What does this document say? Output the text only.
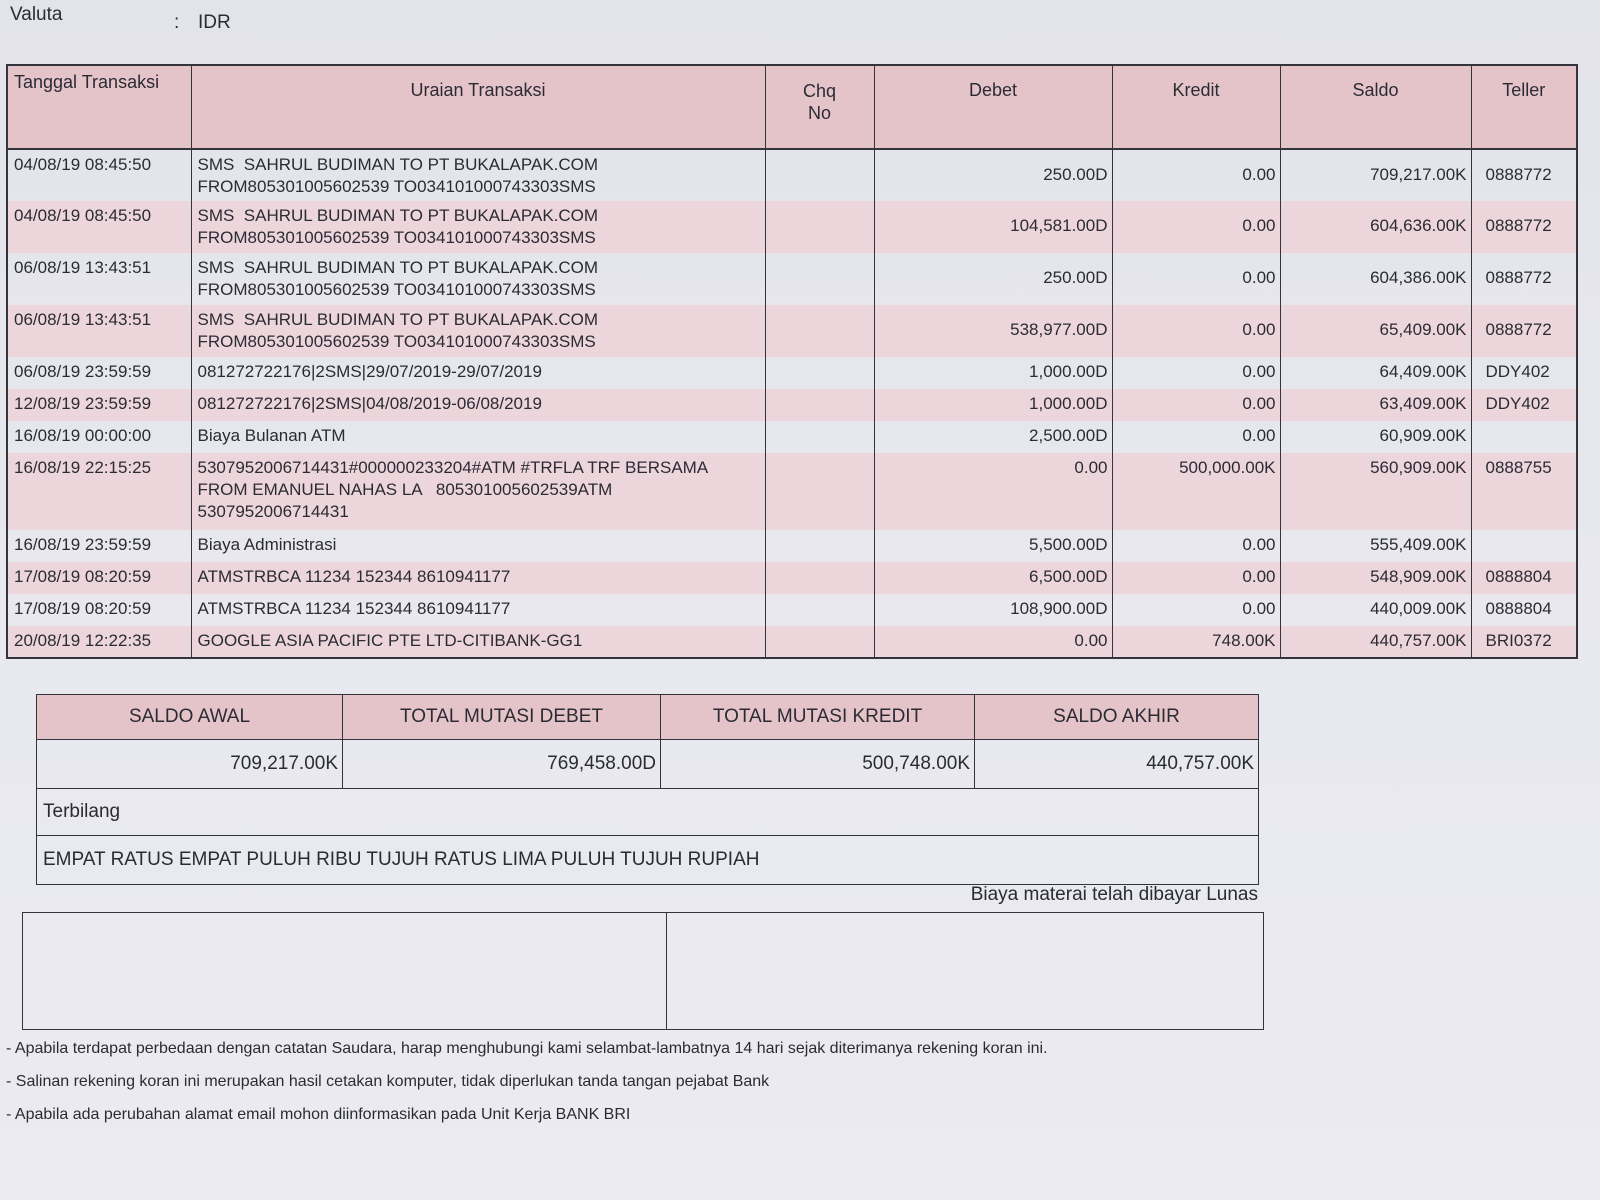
Valuta	: IDR
Tanggal Transaksi	Uraian Transaksi	Chq
No	Debet	Kredit	Saldo	Teller
04/08/19 08:45:50	SMS  SAHRUL BUDIMAN TO PT BUKALAPAK.COM
FROM805301005602539 TO034101000743303SMS		250.00D	0.00	709,217.00K	0888772
04/08/19 08:45:50	SMS  SAHRUL BUDIMAN TO PT BUKALAPAK.COM
FROM805301005602539 TO034101000743303SMS		104,581.00D	0.00	604,636.00K	0888772
06/08/19 13:43:51	SMS  SAHRUL BUDIMAN TO PT BUKALAPAK.COM
FROM805301005602539 TO034101000743303SMS		250.00D	0.00	604,386.00K	0888772
06/08/19 13:43:51	SMS  SAHRUL BUDIMAN TO PT BUKALAPAK.COM
FROM805301005602539 TO034101000743303SMS		538,977.00D	0.00	65,409.00K	0888772
06/08/19 23:59:59	081272722176|2SMS|29/07/2019-29/07/2019		1,000.00D	0.00	64,409.00K	DDY402
12/08/19 23:59:59	081272722176|2SMS|04/08/2019-06/08/2019		1,000.00D	0.00	63,409.00K	DDY402
16/08/19 00:00:00	Biaya Bulanan ATM		2,500.00D	0.00	60,909.00K	
16/08/19 22:15:25	5307952006714431#000000233204#ATM #TRFLA TRF BERSAMA
FROM EMANUEL NAHAS LA   805301005602539ATM
5307952006714431		0.00	500,000.00K	560,909.00K	0888755
16/08/19 23:59:59	Biaya Administrasi		5,500.00D	0.00	555,409.00K	
17/08/19 08:20:59	ATMSTRBCA 11234 152344 8610941177		6,500.00D	0.00	548,909.00K	0888804
17/08/19 08:20:59	ATMSTRBCA 11234 152344 8610941177		108,900.00D	0.00	440,009.00K	0888804
20/08/19 12:22:35	GOOGLE ASIA PACIFIC PTE LTD-CITIBANK-GG1		0.00	748.00K	440,757.00K	BRI0372
SALDO AWAL	TOTAL MUTASI DEBET	TOTAL MUTASI KREDIT	SALDO AKHIR
709,217.00K	769,458.00D	500,748.00K	440,757.00K
Terbilang			
EMPAT RATUS EMPAT PULUH RIBU TUJUH RATUS LIMA PULUH TUJUH RUPIAH			
Biaya materai telah dibayar Lunas
- Apabila terdapat perbedaan dengan catatan Saudara, harap menghubungi kami selambat-lambatnya 14 hari sejak diterimanya rekening koran ini.
- Salinan rekening koran ini merupakan hasil cetakan komputer, tidak diperlukan tanda tangan pejabat Bank
- Apabila ada perubahan alamat email mohon diinformasikan pada Unit Kerja BANK BRI
